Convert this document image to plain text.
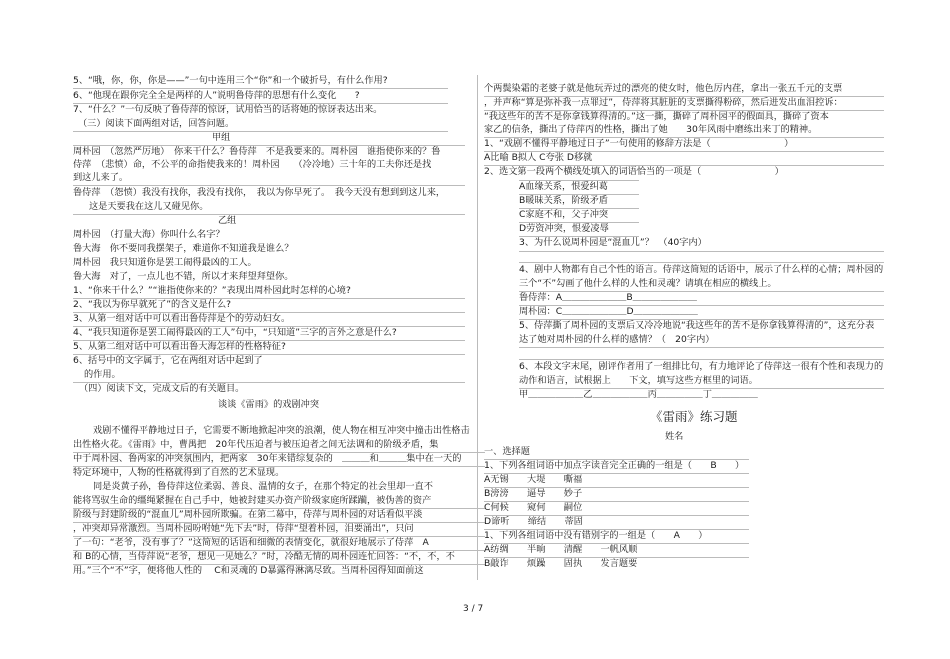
5、“哦，你，你，你是——”一句中连用三个“你”和一个破折号，有什么作用?
6、“他现在跟你完全全是两样的人”说明鲁侍萍的思想有什么变化　　?
7、“什么？”一句反映了鲁侍萍的惊讶，试用恰当的话将她的惊讶表达出来。
（三）阅读下面两组对话，回答问题。
甲组
周朴园　（忽然严厉地）　你来干什么？鲁侍萍　不是我要来的。周朴园　谁指使你来的？鲁
侍萍　（悲愤）命，不公平的命指使我来的！周朴园　　（冷冷地）三十年的工夫你还是找
到这儿来了。
鲁侍萍　（怨愤）我没有找你，我没有找你，　我以为你早死了。　我今天没有想到到这儿来，
这是天要我在这儿又碰见你。
乙组
周朴园　（打量大海）你叫什么名字？
鲁大海　你不要同我摆架子，难道你不知道我是谁么？
周朴园　我只知道你是罢工闹得最凶的工人。
鲁大海　对了，一点儿也不错，所以才来拜望拜望你。
1、“你来干什么？”“谁指使你来的？”表现出周朴园此时怎样的心境?
2、“我以为你早就死了”的含义是什么?
3、从第一组对话中可以看出鲁侍萍是个的劳动妇女。
4、“我只知道你是罢工闹得最凶的工人”句中，“只知道”三字的言外之意是什么?
5、从第二组对话中可以看出鲁大海怎样的性格特征?
6、括号中的文字属于，它在两组对话中起到了
的作用。
（四）阅读下文，完成文后的有关题目。
谈谈《雷雨》的戏剧冲突
戏剧不懂得平静地过日子，它需要不断地掀起冲突的浪潮，使人物在相互冲突中撞击出性格击
出性格火花。《雷雨》中，曹禺把　20年代压迫者与被压迫者之间无法调和的阶级矛盾，集
中于周朴园、鲁两家的冲突氛围内，把两家　30年来错综复杂的　＿＿＿和＿＿＿集中在一天的
特定环境中，人物的性格就得到了自然的艺术显现。
同是炎黄子孙，鲁侍萍这位柔弱、善良、温情的女子，在那个特定的社会里却一直不
能将骂驭生命的缰绳紧握在自己手中，她被封建买办资产阶级家庭所蹂躏，被伪善的资产
阶级与封建阶级的“混血儿”周朴园所欺骗。在第二幕中，侍萍与周朴园的对话看似平淡
，冲突却异常激烈。当周朴园吩咐她“先下去”时，侍萍“望着朴园，泪要涌出”，只问
了一句：“老爷，没有事了？”这简短的话语和细微的表情变化，就很好地展示了侍萍　A
和 B的心情，当侍萍说“老爷，想见一见她么？”时，冷酷无情的周朴园连忙回答：“不，不，不
用。”三个“不”字，便将他人性的　 C和灵魂的 D暴露得淋漓尽致。当周朴园得知面前这
个两鬓染霜的老婆子就是他玩弄过的漂亮的使女时，他色厉内荏，拿出一张五千元的支票
，并声称“算是弥补我一点罪过”，侍萍将其脏脏的支票撕得粉碎，然后进发出血泪控诉：
“我这些年的苦不是你拿钱算得清的。”这一撕，撕碎了周朴园平的假面具，撕碎了资本
家乙的信条，撕出了侍萍丙的性格，撕出了她　　30年风雨中磨练出来丁的精神。
1、“戏剧不懂得平静地过日子”一句使用的修辞方法是（　　　　　　　　）
A比喻 B拟人 C夸张 D移就
2、选文第一段两个横线处填入的词语恰当的一项是（　　　　　　　　）
A血缘关系，恨爱纠葛
B暖昧关系，阶级矛盾
C家庭不和，父子冲突
D劳资冲突，恨爱凌辱
3、为什么说周朴园是“混血儿”？　（40字内）
4、剧中人物都有自己个性的语言。侍萍这简短的话语中，展示了什么样的心情；周朴园的
三个“不”勾画了他什么样的人性和灵魂？请填在相应的横线上。
鲁侍萍：A＿＿＿＿＿＿＿B＿＿＿＿＿＿＿
周朴园：C＿＿＿＿＿＿＿D＿＿＿＿＿＿＿
5、侍萍撕了周朴园的支票后又冷冷地说“我这些年的苦不是你拿钱算得清的”，这充分表
达了她对周朴园的什么样的感情？（　20字内）
6、本段文字末尾，剧评作者用了一组排比句，有力地评论了侍萍这一很有个性和表现力的
动作和语言，试根据上　　下文，填写这些方框里的词语。
甲＿＿＿＿＿＿乙＿＿＿＿＿＿丙＿＿＿＿＿丁＿＿＿＿＿
《雷雨》练习题
姓名
一、选择题
1、下列各组词语中加点字读音完全正确的一组是（　　B　　）
A无锡　　大堤　　嘶福
B滂滂　　逼导　　妙子
C何候　　窥何　　嗣位
D谛听　　缔结　　蒂固
1、下列各组词语中没有错别字的一组是（　　A　　）
A纺绸　　半晌　　清醒　　一帆风顺
B敲诈　　烦躁　　固执　　发言题要
3 / 7
